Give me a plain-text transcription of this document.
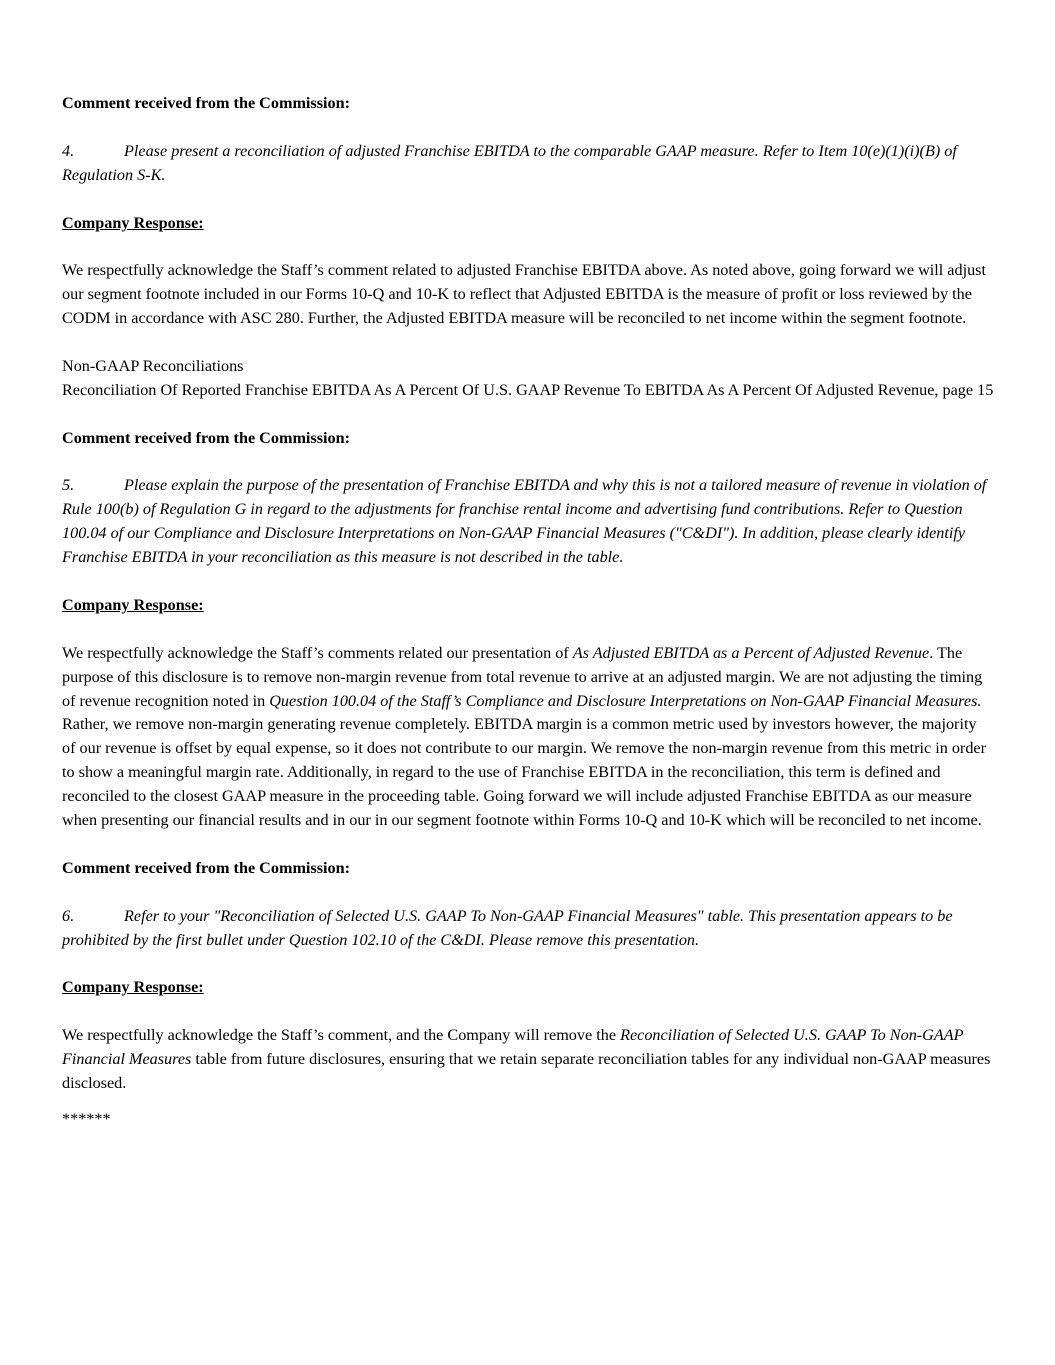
Comment received from the Commission:

4.	Please present a reconciliation of adjusted Franchise EBITDA to the comparable GAAP measure. Refer to Item 10(e)(1)(i)(B) of Regulation S-K.

Company Response:

We respectfully acknowledge the Staff’s comment related to adjusted Franchise EBITDA above. As noted above, going forward we will adjust our segment footnote included in our Forms 10-Q and 10-K to reflect that Adjusted EBITDA is the measure of profit or loss reviewed by the CODM in accordance with ASC 280. Further, the Adjusted EBITDA measure will be reconciled to net income within the segment footnote.

Non-GAAP Reconciliations
Reconciliation Of Reported Franchise EBITDA As A Percent Of U.S. GAAP Revenue To EBITDA As A Percent Of Adjusted Revenue, page 15

Comment received from the Commission:

5.	Please explain the purpose of the presentation of Franchise EBITDA and why this is not a tailored measure of revenue in violation of Rule 100(b) of Regulation G in regard to the adjustments for franchise rental income and advertising fund contributions. Refer to Question 100.04 of our Compliance and Disclosure Interpretations on Non-GAAP Financial Measures ("C&DI"). In addition, please clearly identify Franchise EBITDA in your reconciliation as this measure is not described in the table.

Company Response:

We respectfully acknowledge the Staff’s comments related our presentation of As Adjusted EBITDA as a Percent of Adjusted Revenue. The purpose of this disclosure is to remove non-margin revenue from total revenue to arrive at an adjusted margin. We are not adjusting the timing of revenue recognition noted in Question 100.04 of the Staff’s Compliance and Disclosure Interpretations on Non-GAAP Financial Measures. Rather, we remove non-margin generating revenue completely. EBITDA margin is a common metric used by investors however, the majority of our revenue is offset by equal expense, so it does not contribute to our margin. We remove the non-margin revenue from this metric in order to show a meaningful margin rate. Additionally, in regard to the use of Franchise EBITDA in the reconciliation, this term is defined and reconciled to the closest GAAP measure in the proceeding table. Going forward we will include adjusted Franchise EBITDA as our measure when presenting our financial results and in our in our segment footnote within Forms 10-Q and 10-K which will be reconciled to net income.

Comment received from the Commission:

6.	Refer to your "Reconciliation of Selected U.S. GAAP To Non-GAAP Financial Measures" table. This presentation appears to be prohibited by the first bullet under Question 102.10 of the C&DI. Please remove this presentation.

Company Response:

We respectfully acknowledge the Staff’s comment, and the Company will remove the Reconciliation of Selected U.S. GAAP To Non-GAAP Financial Measures table from future disclosures, ensuring that we retain separate reconciliation tables for any individual non-GAAP measures disclosed.

******
